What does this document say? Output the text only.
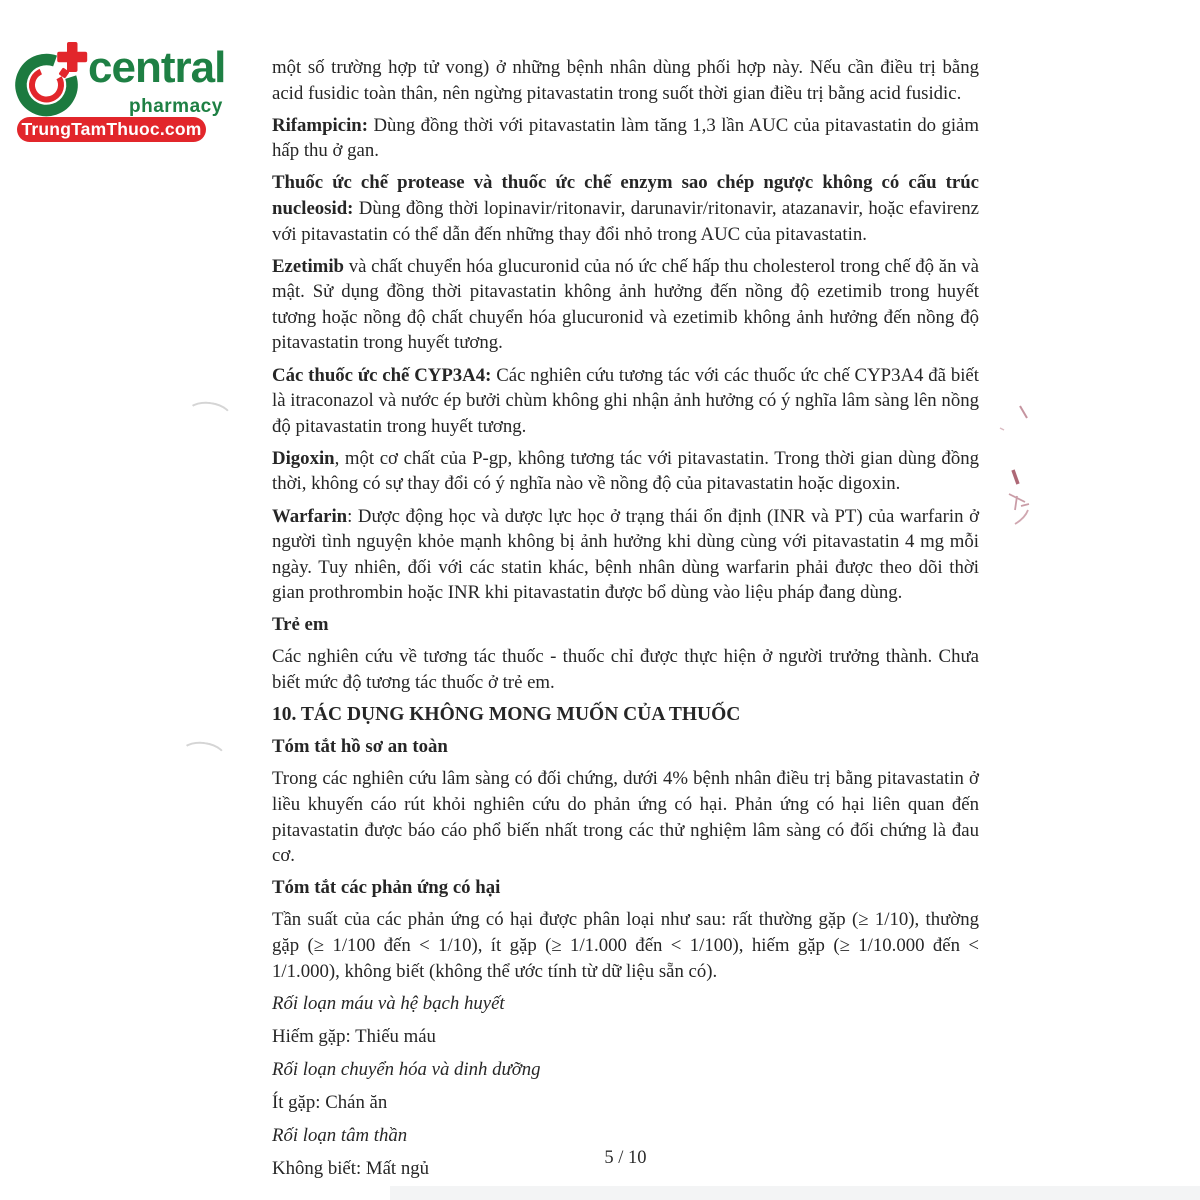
central
pharmacy
TrungTamThuoc.com

một số trường hợp tử vong) ở những bệnh nhân dùng phối hợp này. Nếu cần điều trị bằng acid fusidic toàn thân, nên ngừng pitavastatin trong suốt thời gian điều trị bằng acid fusidic.

Rifampicin: Dùng đồng thời với pitavastatin làm tăng 1,3 lần AUC của pitavastatin do giảm hấp thu ở gan.

Thuốc ức chế protease và thuốc ức chế enzym sao chép ngược không có cấu trúc nucleosid: Dùng đồng thời lopinavir/ritonavir, darunavir/ritonavir, atazanavir, hoặc efavirenz với pitavastatin có thể dẫn đến những thay đổi nhỏ trong AUC của pitavastatin.

Ezetimib và chất chuyển hóa glucuronid của nó ức chế hấp thu cholesterol trong chế độ ăn và mật. Sử dụng đồng thời pitavastatin không ảnh hưởng đến nồng độ ezetimib trong huyết tương hoặc nồng độ chất chuyển hóa glucuronid và ezetimib không ảnh hưởng đến nồng độ pitavastatin trong huyết tương.

Các thuốc ức chế CYP3A4: Các nghiên cứu tương tác với các thuốc ức chế CYP3A4 đã biết là itraconazol và nước ép bưởi chùm không ghi nhận ảnh hưởng có ý nghĩa lâm sàng lên nồng độ pitavastatin trong huyết tương.

Digoxin, một cơ chất của P-gp, không tương tác với pitavastatin. Trong thời gian dùng đồng thời, không có sự thay đổi có ý nghĩa nào về nồng độ của pitavastatin hoặc digoxin.

Warfarin: Dược động học và dược lực học ở trạng thái ổn định (INR và PT) của warfarin ở người tình nguyện khỏe mạnh không bị ảnh hưởng khi dùng cùng với pitavastatin 4 mg mỗi ngày. Tuy nhiên, đối với các statin khác, bệnh nhân dùng warfarin phải được theo dõi thời gian prothrombin hoặc INR khi pitavastatin được bổ dùng vào liệu pháp đang dùng.

Trẻ em

Các nghiên cứu về tương tác thuốc - thuốc chỉ được thực hiện ở người trưởng thành. Chưa biết mức độ tương tác thuốc ở trẻ em.

10. TÁC DỤNG KHÔNG MONG MUỐN CỦA THUỐC

Tóm tắt hồ sơ an toàn

Trong các nghiên cứu lâm sàng có đối chứng, dưới 4% bệnh nhân điều trị bằng pitavastatin ở liều khuyến cáo rút khỏi nghiên cứu do phản ứng có hại. Phản ứng có hại liên quan đến pitavastatin được báo cáo phổ biến nhất trong các thử nghiệm lâm sàng có đối chứng là đau cơ.

Tóm tắt các phản ứng có hại

Tần suất của các phản ứng có hại được phân loại như sau: rất thường gặp (≥ 1/10), thường gặp (≥ 1/100 đến < 1/10), ít gặp (≥ 1/1.000 đến < 1/100), hiếm gặp (≥ 1/10.000 đến < 1/1.000), không biết (không thể ước tính từ dữ liệu sẵn có).

Rối loạn máu và hệ bạch huyết

Hiếm gặp: Thiếu máu

Rối loạn chuyển hóa và dinh dưỡng

Ít gặp: Chán ăn

Rối loạn tâm thần

Không biết: Mất ngủ

5 / 10
